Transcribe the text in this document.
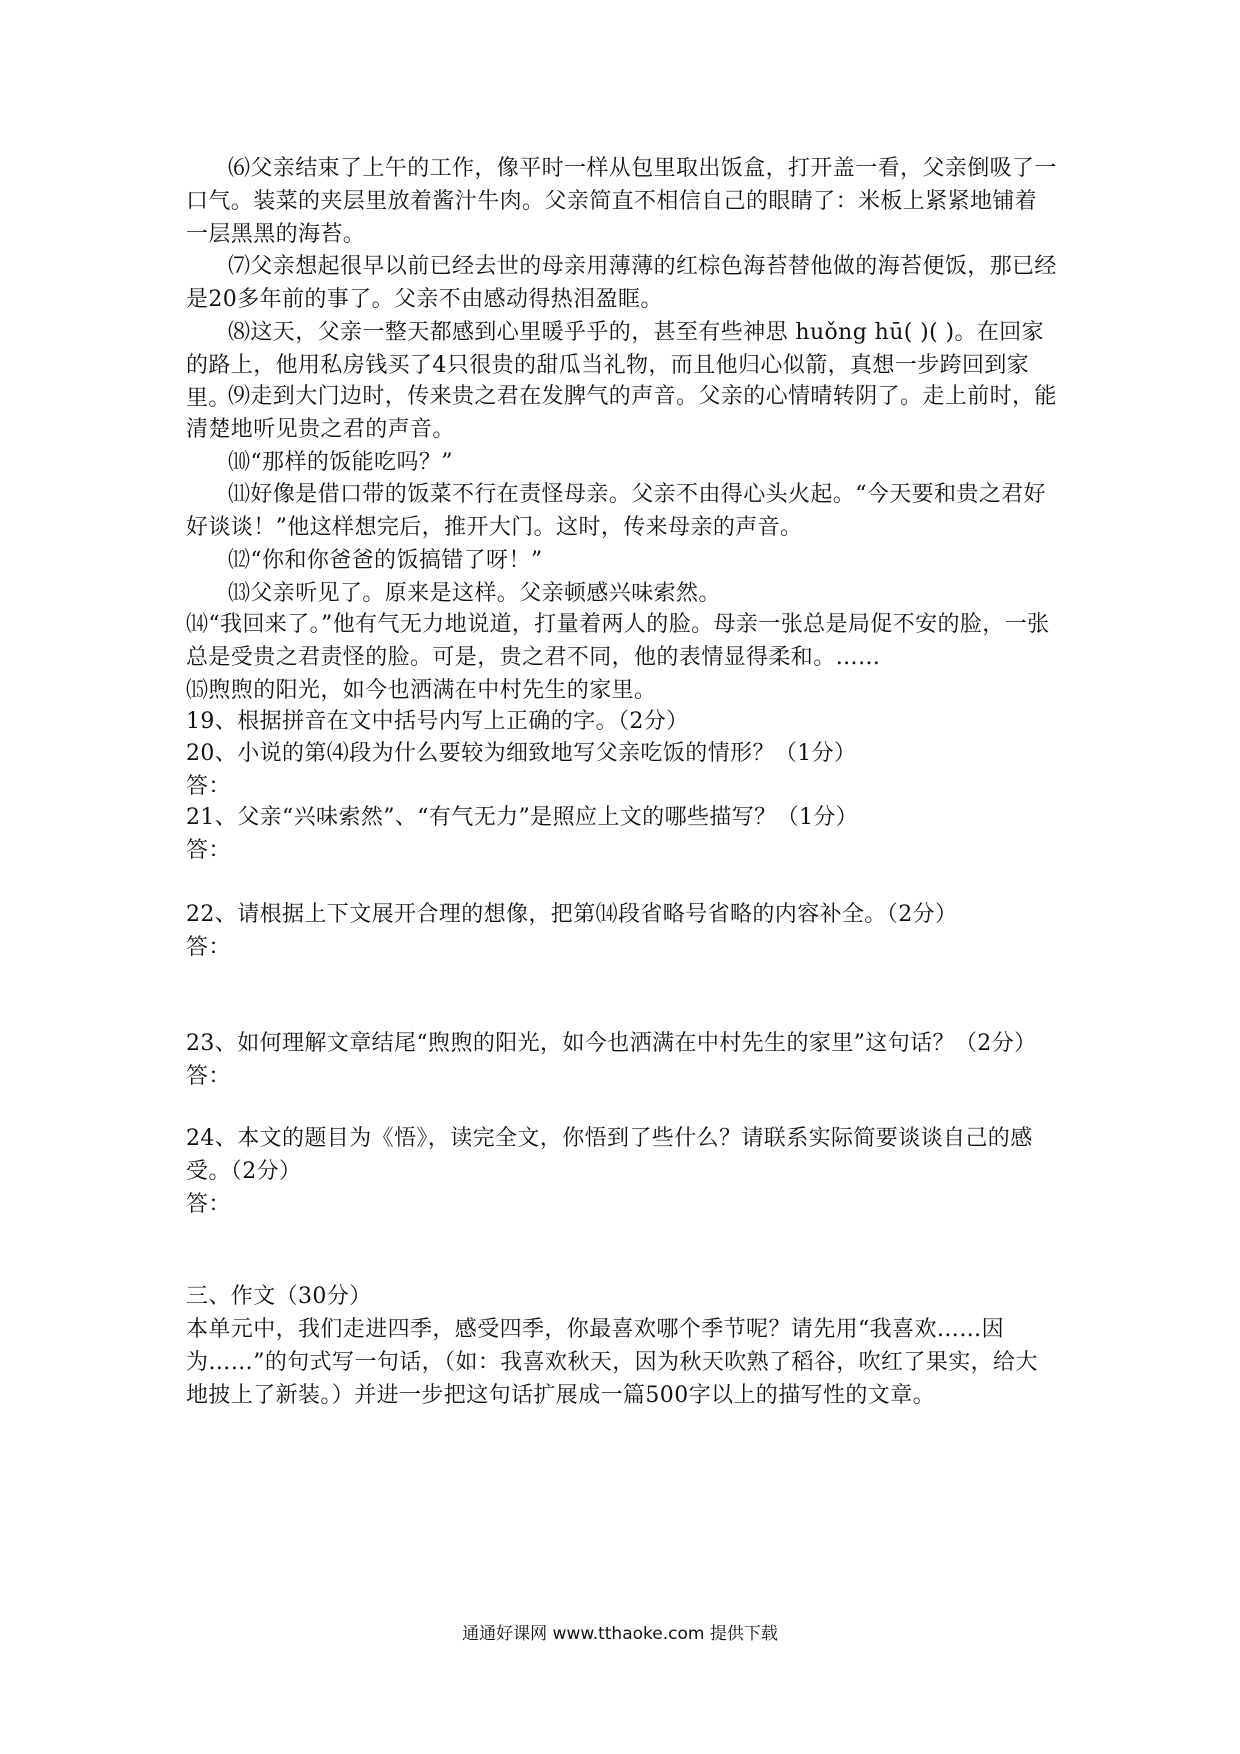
⑹父亲结束了上午的工作，像平时一样从包里取出饭盒，打开盖一看，父亲倒吸了一口气。装菜的夹层里放着酱汁牛肉。父亲简直不相信自己的眼睛了：米板上紧紧地铺着一层黑黑的海苔。
⑺父亲想起很早以前已经去世的母亲用薄薄的红棕色海苔替他做的海苔便饭，那已经是20多年前的事了。父亲不由感动得热泪盈眶。
⑻这天，父亲一整天都感到心里暖乎乎的，甚至有些神思 huǒng hū( )( )。在回家的路上，他用私房钱买了4只很贵的甜瓜当礼物，而且他归心似箭，真想一步跨回到家里。
⑼走到大门边时，传来贵之君在发脾气的声音。父亲的心情晴转阴了。走上前时，能清楚地听见贵之君的声音。
⑽“那样的饭能吃吗？”
⑾好像是借口带的饭菜不行在责怪母亲。父亲不由得心头火起。“今天要和贵之君好好谈谈！”他这样想完后，推开大门。这时，传来母亲的声音。
⑿“你和你爸爸的饭搞错了呀！”
⒀父亲听见了。原来是这样。父亲顿感兴味索然。
⒁“我回来了。”他有气无力地说道，打量着两人的脸。母亲一张总是局促不安的脸，一张总是受贵之君责怪的脸。可是，贵之君不同，他的表情显得柔和。……
⒂煦煦的阳光，如今也洒满在中村先生的家里。
19、根据拼音在文中括号内写上正确的字。（2分）
20、小说的第⑷段为什么要较为细致地写父亲吃饭的情形？（1分）
答：
21、父亲“兴味索然”、“有气无力”是照应上文的哪些描写？（1分）
答：
22、请根据上下文展开合理的想像，把第⒁段省略号省略的内容补全。（2分）
答：
23、如何理解文章结尾“煦煦的阳光，如今也洒满在中村先生的家里”这句话？（2分）
答：
24、本文的题目为《悟》，读完全文，你悟到了些什么？请联系实际简要谈谈自己的感受。（2分）
答：
三、作文（30分）
本单元中，我们走进四季，感受四季，你最喜欢哪个季节呢？请先用“我喜欢……因为……”的句式写一句话，（如：我喜欢秋天，因为秋天吹熟了稻谷，吹红了果实，给大地披上了新装。）并进一步把这句话扩展成一篇500字以上的描写性的文章。
通通好课网 www.tthaoke.com 提供下载
